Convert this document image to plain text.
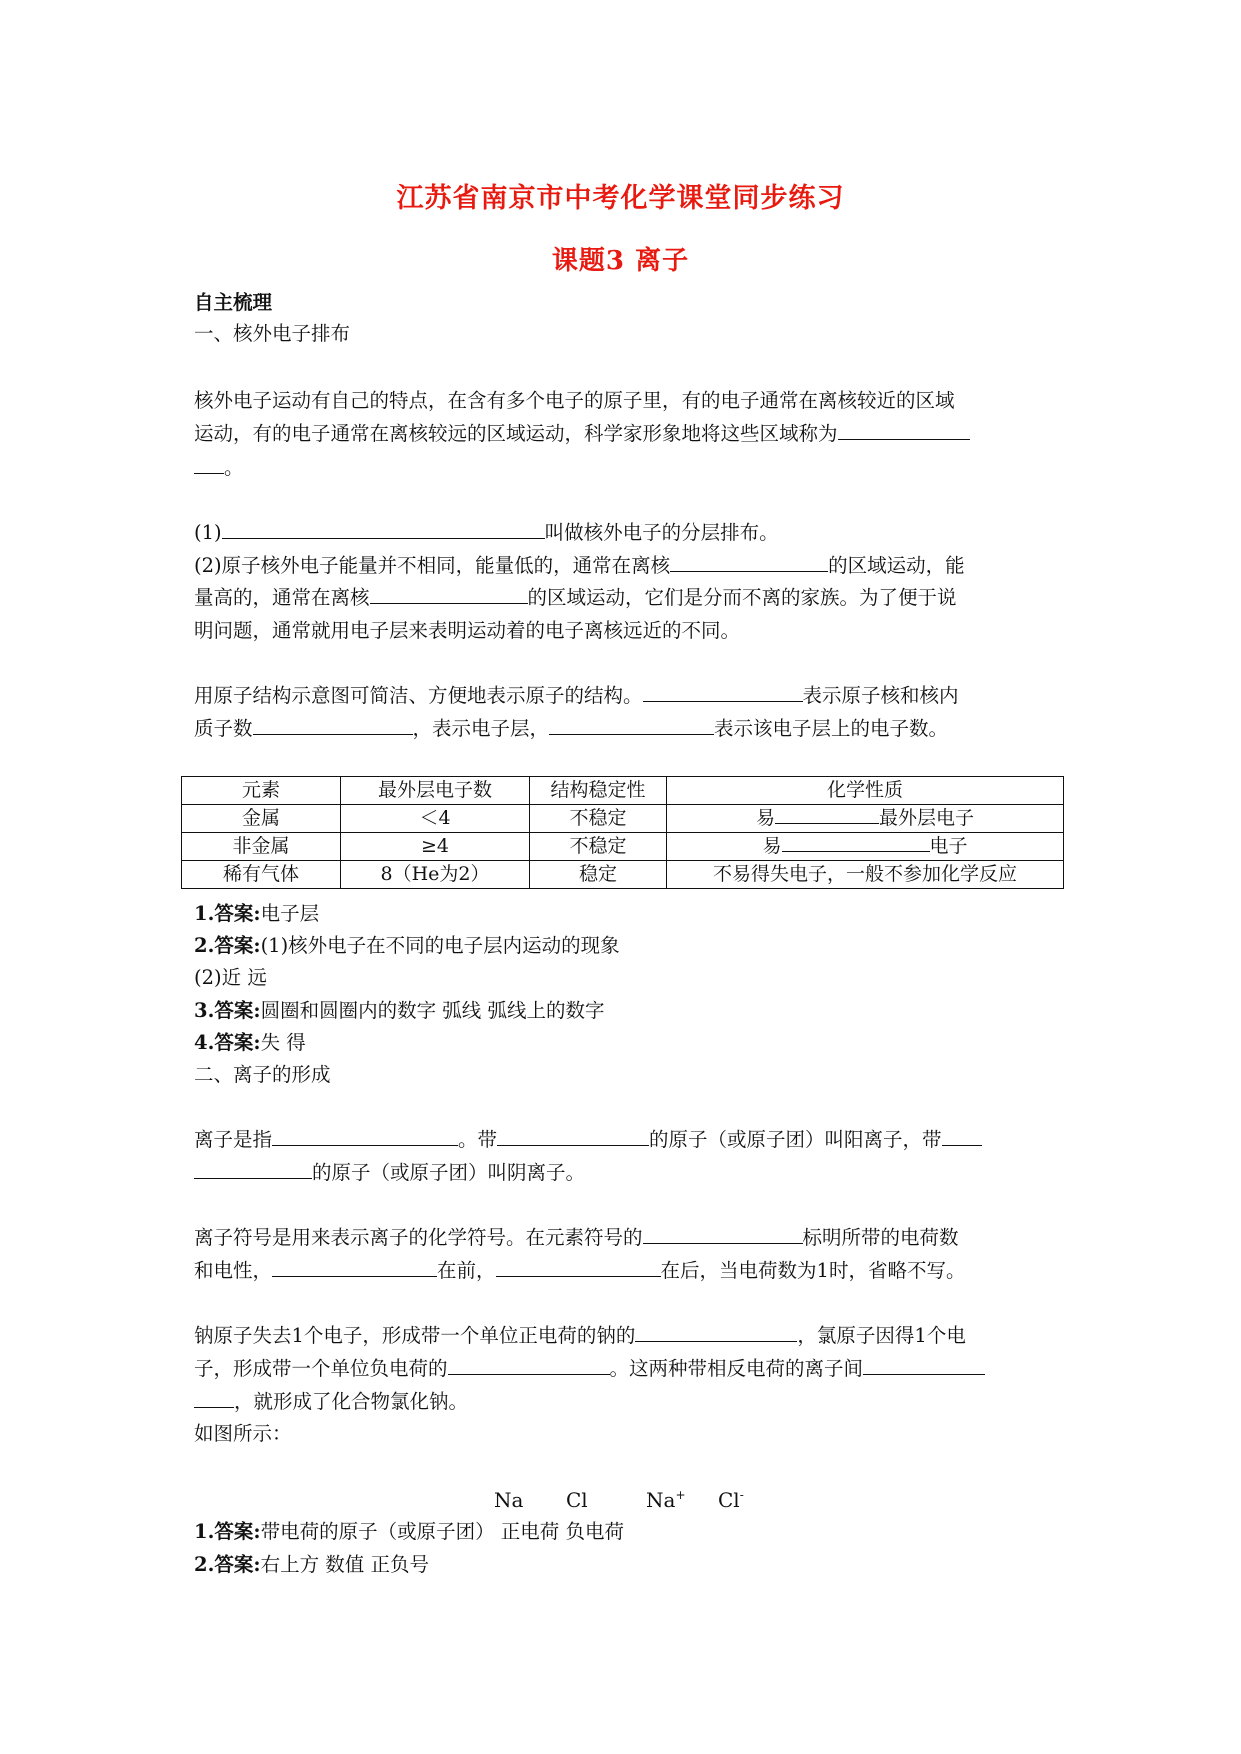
江苏省南京市中考化学课堂同步练习
课题3 离子
自主梳理
一、核外电子排布
核外电子运动有自己的特点，在含有多个电子的原子里，有的电子通常在离核较近的区域
运动，有的电子通常在离核较远的区域运动，科学家形象地将这些区域称为
。
(1)	叫做核外电子的分层排布。
(2)原子核外电子能量并不相同，能量低的，通常在离核	的区域运动，能
量高的，通常在离核	的区域运动，它们是分而不离的家族。为了便于说
明问题，通常就用电子层来表明运动着的电子离核远近的不同。
用原子结构示意图可简洁、方便地表示原子的结构。	表示原子核和核内
质子数	，表示电子层，	表示该电子层上的电子数。
元素	最外层电子数	结构稳定性	化学性质
金属	＜4	不稳定	易 最外层电子
非金属	≥4	不稳定	易 电子
稀有气体	8（He为2）	稳定	不易得失电子，一般不参加化学反应
1.答案:电子层
2.答案:(1)核外电子在不同的电子层内运动的现象
(2)近 远
3.答案:圆圈和圆圈内的数字 弧线 弧线上的数字
4.答案:失 得
二、离子的形成
离子是指	。带	的原子（或原子团）叫阳离子，带
的原子（或原子团）叫阴离子。
离子符号是用来表示离子的化学符号。在元素符号的	标明所带的电荷数
和电性，	在前，	在后，当电荷数为1时，省略不写。
钠原子失去1个电子，形成带一个单位正电荷的钠的	，氯原子因得1个电
子，形成带一个单位负电荷的	。这两种带相反电荷的离子间
，就形成了化合物氯化钠。
如图所示：
Na Cl	Na+ Cl-
1.答案:带电荷的原子（或原子团） 正电荷 负电荷
2.答案:右上方 数值 正负号
